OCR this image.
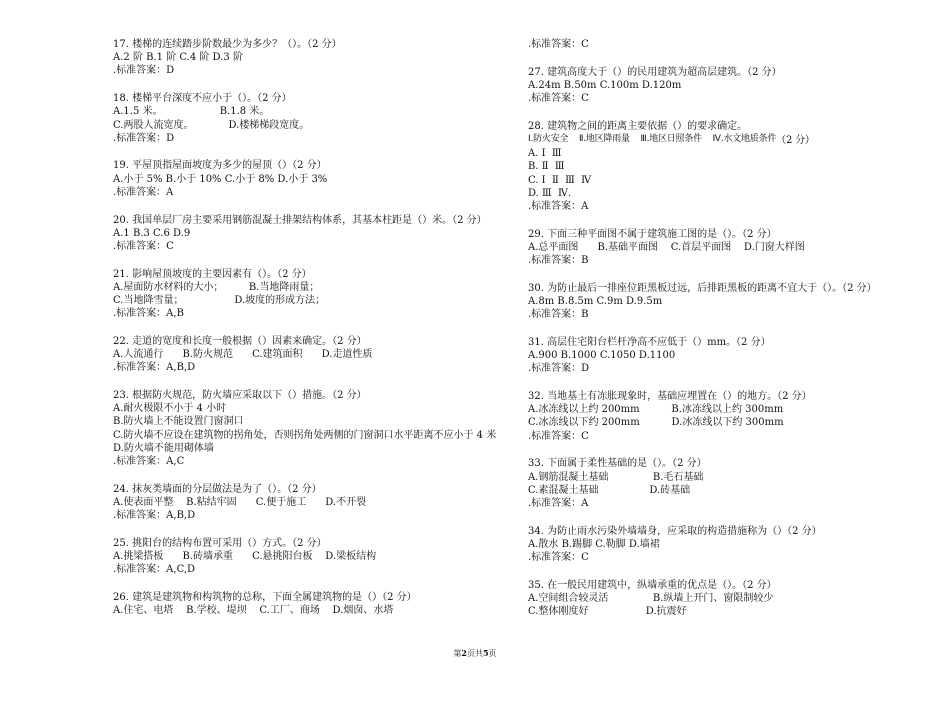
17. 楼梯的连续踏步阶数最少为多少？（）。（2 分）
A.2 阶 B.1 阶 C.4 阶 D.3 阶
.标准答案：D
18. 楼梯平台深度不应小于（）。（2 分）
A.1.5 米。                  B.1.8 米。
C.两股人流宽度。           D.楼梯梯段宽度。
.标准答案：D
19. 平屋顶指屋面坡度为多少的屋顶（）（2 分）
A.小于 5% B.小于 10% C.小于 8% D.小于 3%
.标准答案：A
20. 我国单层厂房主要采用钢筋混凝土排架结构体系，其基本柱距是（）米。（2 分）
A.1 B.3 C.6 D.9
.标准答案：C
21. 影响屋顶坡度的主要因素有（）。（2 分）
A.屋面防水材料的大小；        B.当地降雨量；
C.当地降雪量；                D.坡度的形成方法；
.标准答案：A,B
22. 走道的宽度和长度一般根据（）因素来确定。（2 分）
A.人流通行      B.防火规范      C.建筑面积      D.走道性质
.标准答案：A,B,D
23. 根据防火规范，防火墙应采取以下（）措施。（2 分）
A.耐火极限不小于 4 小时
B.防火墙上不能设置门窗洞口
C.防火墙不应设在建筑物的拐角处，否则拐角处两侧的门窗洞口水平距离不应小于 4 米
D.防火墙不能用砌体墙
.标准答案：A,C
24. 抹灰类墙面的分层做法是为了（）。（2 分）
A.使表面平整    B.粘结牢固      C.便于施工      D.不开裂
.标准答案：A,B,D
25. 挑阳台的结构布置可采用（）方式。（2 分）
A.挑梁搭板      B.砖墙承重      C.悬挑阳台板    D.梁板结构
.标准答案：A,C,D
26. 建筑是建筑物和构筑物的总称，下面全属建筑物的是（）（2 分）
A.住宅、电塔    B.学校、堤坝    C.工厂、商场    D.烟囱、水塔
.标准答案：C
27. 建筑高度大于（）的民用建筑为超高层建筑。（2 分）
A.24m B.50m C.100m D.120m
.标准答案：C
28. 建筑物之间的距离主要依据（）的要求确定。
Ⅰ.防火安全    Ⅱ.地区降雨量    Ⅲ.地区日照条件    Ⅳ.水文地质条件（2 分）
A. Ⅰ  Ⅲ
B. Ⅱ  Ⅲ
C. Ⅰ  Ⅱ  Ⅲ  Ⅳ
D. Ⅲ  Ⅳ.
.标准答案：A
29. 下面三种平面图不属于建筑施工图的是（）。（2 分）
A.总平面图      B.基础平面图    C.首层平面图    D.门窗大样图
.标准答案：B
30. 为防止最后一排座位距黑板过远，后排距黑板的距离不宜大于（）。（2 分）
A.8m B.8.5m C.9m D.9.5m
.标准答案：B
31. 高层住宅阳台栏杆净高不应低于（）mm。（2 分）
A.900 B.1000 C.1050 D.1100
.标准答案：D
32. 当地基土有冻胀现象时，基础应埋置在（）的地方。（2 分）
A.冰冻线以上约 200mm          B.冰冻线以上约 300mm
C.冰冻线以下约 200mm          D.冰冻线以下约 300mm
.标准答案：C
33. 下面属于柔性基础的是（）。（2 分）
A.钢筋混凝土基础              B.毛石基础
C.素混凝土基础                D.砖基础
.标准答案：A
34. 为防止雨水污染外墙墙身，应采取的构造措施称为（）（2 分）
A.散水 B.踢脚 C.勒脚 D.墙裙
.标准答案：C
35. 在一般民用建筑中，纵墙承重的优点是（）。（2 分）
A.空间组合较灵活              B.纵墙上开门、窗限制较少
C.整体刚度好                  D.抗震好
第2页共5页
